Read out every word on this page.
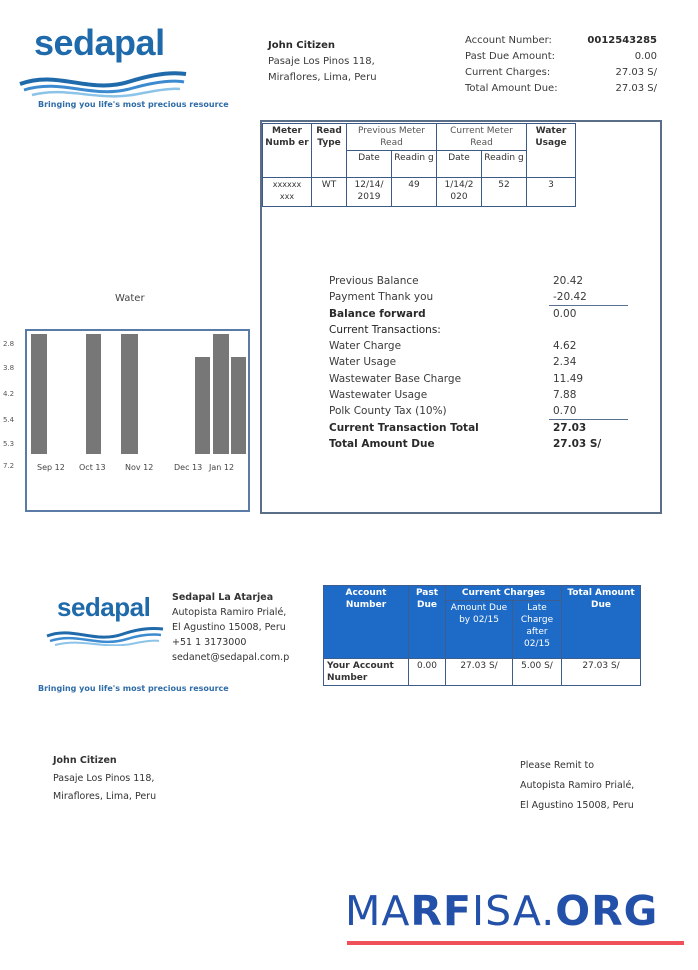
sedapal
Bringing you life's most precious resource
John Citizen
Pasaje Los Pinos 118,
Miraflores, Lima, Peru
Account Number:	0012543285
Past Due Amount:	0.00
Current Charges:	27.03 S/
Total Amount Due:	27.03 S/
Meter Numb er	Read Type	Previous Meter Read		Current Meter Read		Water Usage
		Date	Readin g	Date	Readin g	
xxxxxx xxx	WT	12/14/ 2019	49	1/14/2 020	52	3
Water
2.8
3.8
4.2
5.4
5.3
7.2	Sep 12 Oct 13 Nov 12	Dec 13 Jan 12
Previous Balance	20.42
Payment Thank you	-20.42
Balance forward	0.00
Current Transactions:
Water Charge	4.62
Water Usage	2.34
Wastewater Base Charge	11.49
Wastewater Usage	7.88
Polk County Tax (10%)	0.70
Current Transaction Total	27.03
Total Amount Due	27.03 S/
sedapal
Bringing you life's most precious resource
Sedapal La Atarjea
Autopista Ramiro Prialé,
El Agustino 15008, Peru
+51 1 3173000
sedanet@sedapal.com.p
Account Number	Past Due	Current Charges		Total Amount Due
		Amount Due by 02/15	Late Charge after 02/15	
Your Account Number	0.00	27.03 S/	5.00 S/	27.03 S/
John Citizen
Pasaje Los Pinos 118,
Miraflores, Lima, Peru
Please Remit to
Autopista Ramiro Prialé,
El Agustino 15008, Peru
MARFISA.ORG
